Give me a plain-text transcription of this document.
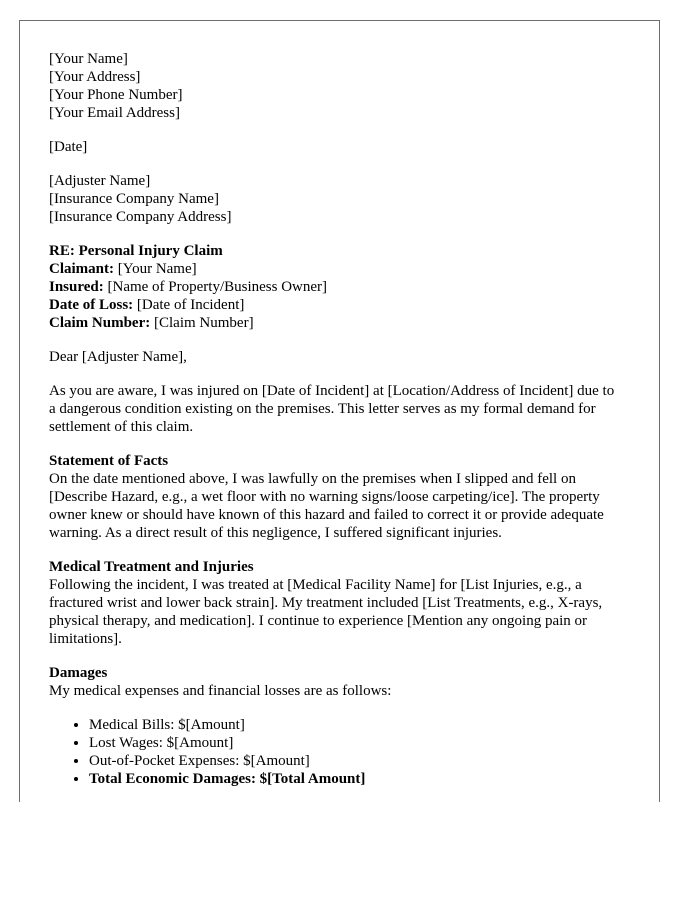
[Your Name]
[Your Address]
[Your Phone Number]
[Your Email Address]
[Date]
[Adjuster Name]
[Insurance Company Name]
[Insurance Company Address]
RE: Personal Injury Claim
Claimant: [Your Name]
Insured: [Name of Property/Business Owner]
Date of Loss: [Date of Incident]
Claim Number: [Claim Number]

Dear [Adjuster Name],

As you are aware, I was injured on [Date of Incident] at [Location/Address of Incident] due to a dangerous condition existing on the premises. This letter serves as my formal demand for settlement of this claim.

Statement of Facts
On the date mentioned above, I was lawfully on the premises when I slipped and fell on [Describe Hazard, e.g., a wet floor with no warning signs/loose carpeting/ice]. The property owner knew or should have known of this hazard and failed to correct it or provide adequate warning. As a direct result of this negligence, I suffered significant injuries.
Medical Treatment and Injuries
Following the incident, I was treated at [Medical Facility Name] for [List Injuries, e.g., a fractured wrist and lower back strain]. My treatment included [List Treatments, e.g., X-rays, physical therapy, and medication]. I continue to experience [Mention any ongoing pain or limitations].
Damages
My medical expenses and financial losses are as follows:
• Medical Bills: $[Amount]
• Lost Wages: $[Amount]
• Out-of-Pocket Expenses: $[Amount]
• Total Economic Damages: $[Total Amount]
